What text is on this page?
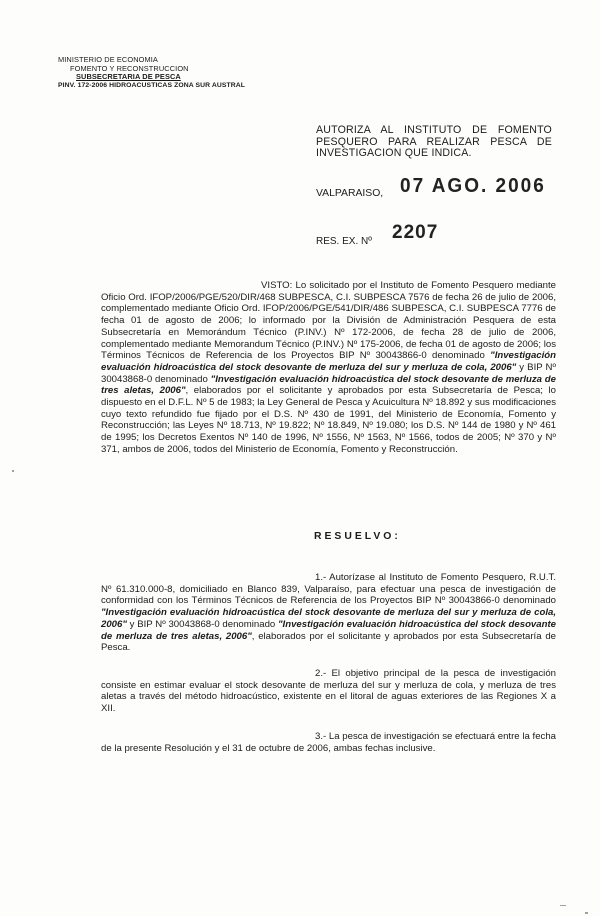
MINISTERIO DE ECONOMIA
FOMENTO Y RECONSTRUCCION
SUBSECRETARIA DE PESCA
PINV. 172-2006 HIDROACUSTICAS ZONA SUR AUSTRAL
AUTORIZA AL INSTITUTO DE FOMENTO PESQUERO PARA REALIZAR PESCA DE INVESTIGACION QUE INDICA.
VALPARAISO, 07 AGO. 2006
RES. EX. Nº 2207
VISTO: Lo solicitado por el Instituto de Fomento Pesquero mediante Oficio Ord. IFOP/2006/PGE/520/DIR/468 SUBPESCA, C.I. SUBPESCA 7576 de fecha 26 de julio de 2006, complementado mediante Oficio Ord. IFOP/2006/PGE/541/DIR/486 SUBPESCA, C.I. SUBPESCA 7776 de fecha 01 de agosto de 2006; lo informado por la División de Administración Pesquera de esta Subsecretaría en Memorándum Técnico (P.INV.) Nº 172-2006, de fecha 28 de julio de 2006, complementado mediante Memorandum Técnico (P.INV.) Nº 175-2006, de fecha 01 de agosto de 2006; los Términos Técnicos de Referencia de los Proyectos BIP Nº 30043866-0 denominado "Investigación evaluación hidroacústica del stock desovante de merluza del sur y merluza de cola, 2006" y BIP Nº 30043868-0 denominado "Investigación evaluación hidroacústica del stock desovante de merluza de tres aletas, 2006", elaborados por el solicitante y aprobados por esta Subsecretaría de Pesca; lo dispuesto en el D.F.L. Nº 5 de 1983; la Ley General de Pesca y Acuicultura Nº 18.892 y sus modificaciones cuyo texto refundido fue fijado por el D.S. Nº 430 de 1991, del Ministerio de Economía, Fomento y Reconstrucción; las Leyes Nº 18.713, Nº 19.822; Nº 18.849, Nº 19.080; los D.S. Nº 144 de 1980 y Nº 461 de 1995; los Decretos Exentos Nº 140 de 1996, Nº 1556, Nº 1563, Nº 1566, todos de 2005; Nº 370 y Nº 371, ambos de 2006, todos del Ministerio de Economía, Fomento y Reconstrucción.
RESUELVO:
1.- Autorízase al Instituto de Fomento Pesquero, R.U.T. Nº 61.310.000-8, domiciliado en Blanco 839, Valparaíso, para efectuar una pesca de investigación de conformidad con los Términos Técnicos de Referencia de los Proyectos BIP Nº 30043866-0 denominado "Investigación evaluación hidroacústica del stock desovante de merluza del sur y merluza de cola, 2006" y BIP Nº 30043868-0 denominado "Investigación evaluación hidroacústica del stock desovante de merluza de tres aletas, 2006", elaborados por el solicitante y aprobados por esta Subsecretaría de Pesca.
2.- El objetivo principal de la pesca de investigación consiste en estimar evaluar el stock desovante de merluza del sur y merluza de cola, y merluza de tres aletas a través del método hidroacústico, existente en el litoral de aguas exteriores de las Regiones X a XII.
3.- La pesca de investigación se efectuará entre la fecha de la presente Resolución y el 31 de octubre de 2006, ambas fechas inclusive.
